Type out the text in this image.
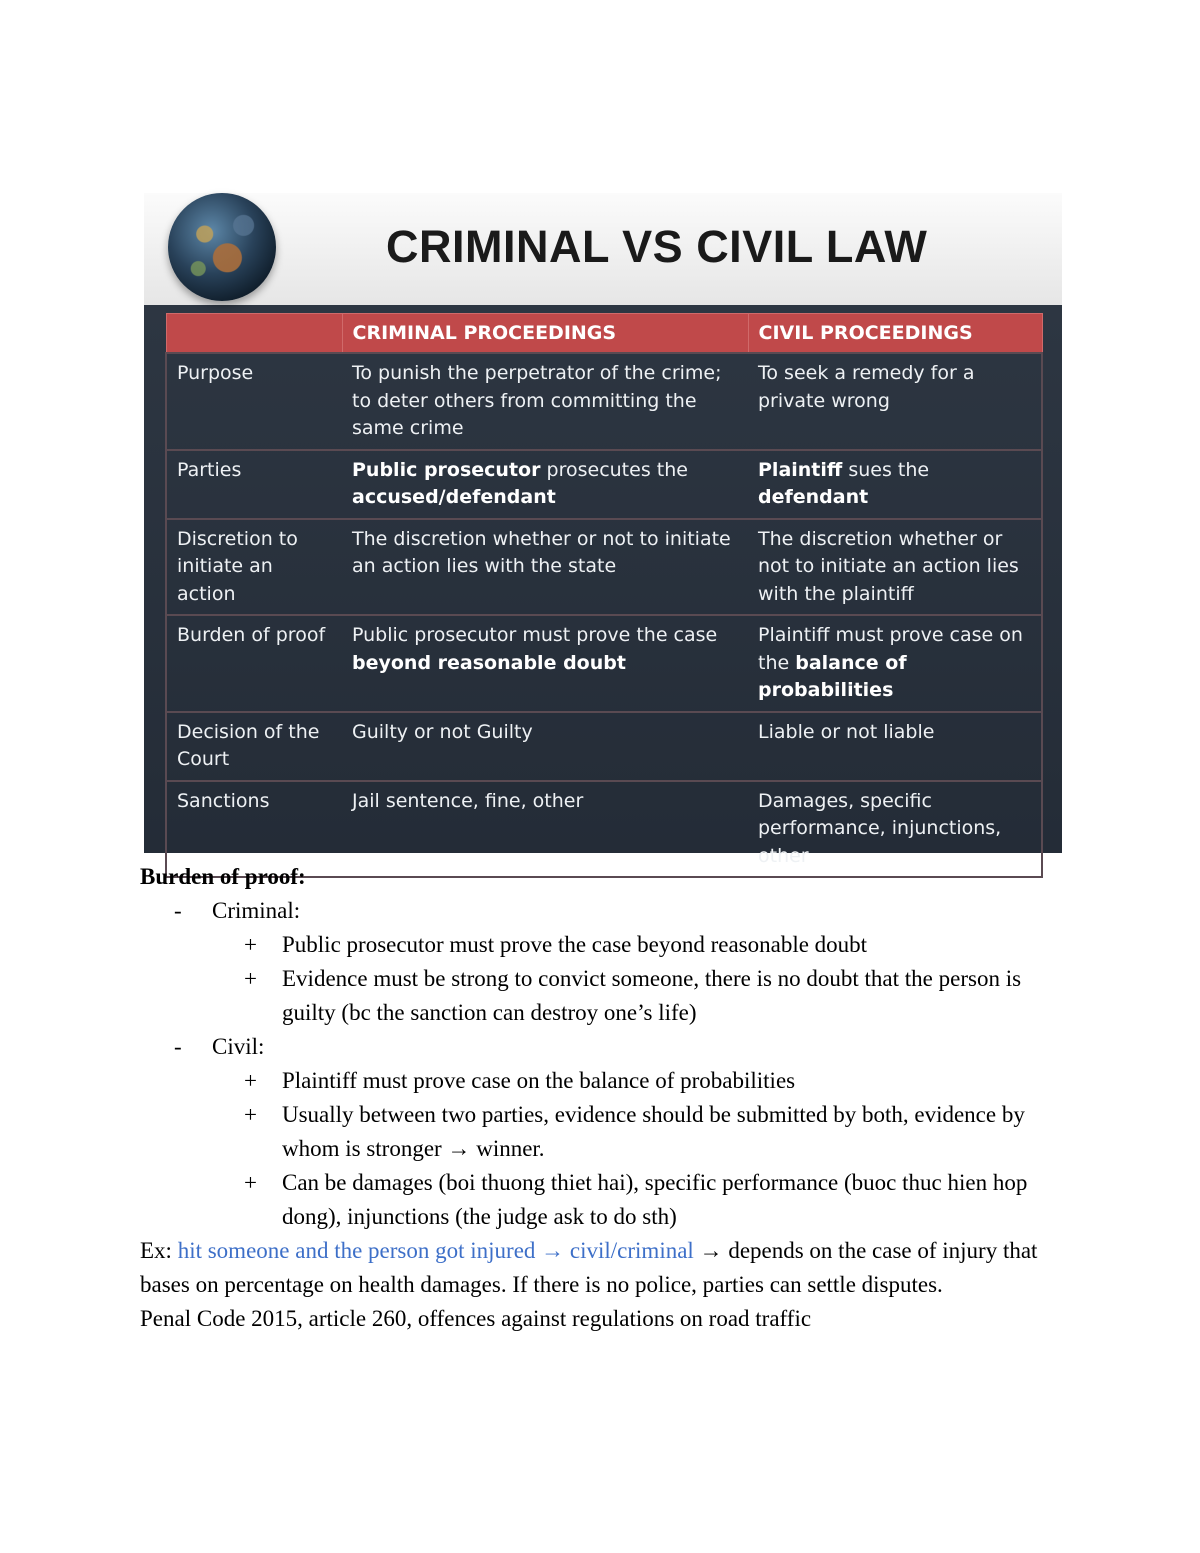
CRIMINAL VS CIVIL LAW
	CRIMINAL PROCEEDINGS	CIVIL PROCEEDINGS
Purpose	To punish the perpetrator of the crime; to deter others from committing the same crime	To seek a remedy for a private wrong
Parties	Public prosecutor prosecutes the accused/defendant	Plaintiff sues the defendant
Discretion to initiate an action	The discretion whether or not to initiate an action lies with the state	The discretion whether or not to initiate an action lies with the plaintiff
Burden of proof	Public prosecutor must prove the case beyond reasonable doubt	Plaintiff must prove case on the balance of probabilities
Decision of the Court	Guilty or not Guilty	Liable or not liable
Sanctions	Jail sentence, fine, other	Damages, specific performance, injunctions, other

Burden of proof:

- Criminal:

+ Public prosecutor must prove the case beyond reasonable doubt

+ Evidence must be strong to convict someone, there is no doubt that the person is guilty (bc the sanction can destroy one’s life)

- Civil:

+ Plaintiff must prove case on the balance of probabilities

+ Usually between two parties, evidence should be submitted by both, evidence by whom is stronger → winner.

+ Can be damages (boi thuong thiet hai), specific performance (buoc thuc hien hop dong), injunctions (the judge ask to do sth)

Ex: hit someone and the person got injured → civil/criminal → depends on the case of injury that bases on percentage on health damages. If there is no police, parties can settle disputes.

Penal Code 2015, article 260, offences against regulations on road traffic
